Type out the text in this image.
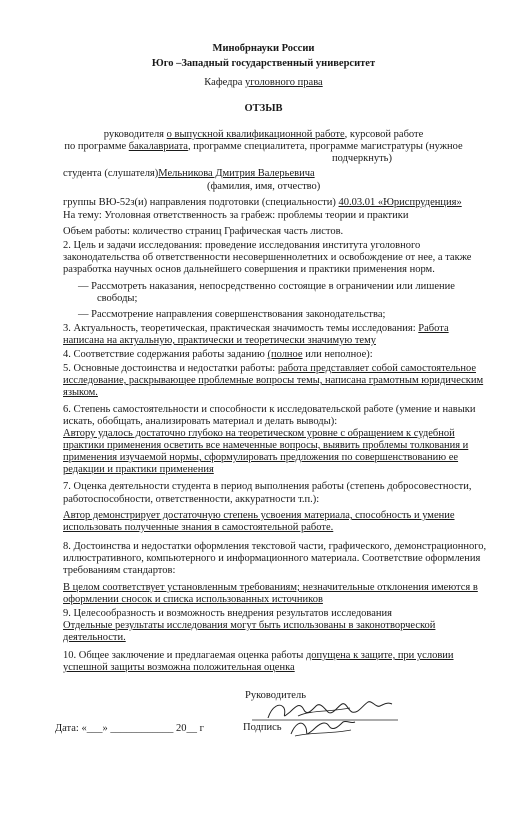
Минобрнауки России
Юго –Западный государственный университет
Кафедра уголовного права
ОТЗЫВ
руководителя о выпускной квалификационной работе, курсовой работе
по программе бакалавриата, программе специалитета, программе магистратуры (нужное
подчеркнуть)
студента (слушателя)Мельникова Дмитрия Валерьевича
(фамилия, имя, отчество)
группы ВЮ-52з(и) направления подготовки (специальности) 40.03.01 «Юриспруденция»
На тему: Уголовная ответственность за грабеж: проблемы теории и практики
Объем работы: количество страниц Графическая часть листов.
2. Цель и задачи исследования: проведение исследования института уголовного
законодательства об ответственности несовершеннолетних и освобождение от нее, а также
разработка научных основ дальнейшего совершения и практики применения норм.
— Рассмотреть наказания, непосредственно состоящие в ограничении или лишение
свободы;
— Рассмотрение направления совершенствования законодательства;
3. Актуальность, теоретическая, практическая значимость темы исследования: Работа
написана на актуальную, практически и теоретически значимую тему
4. Соответствие содержания работы заданию (полное или неполное):
5. Основные достоинства и недостатки работы: работа представляет собой самостоятельное
исследование, раскрывающее проблемные вопросы темы, написана грамотным юридическим
языком.
6. Степень самостоятельности и способности к исследовательской работе (умение и навыки
искать, обобщать, анализировать материал и делать выводы):
Автору удалось достаточно глубоко на теоретическом уровне с обращением к судебной
практики применения осветить все намеченные вопросы, выявить проблемы толкования и
применения изучаемой нормы, сформулировать предложения по совершенствованию ее
редакции и практики применения
7. Оценка деятельности студента в период выполнения работы (степень добросовестности,
работоспособности, ответственности, аккуратности т.п.):
Автор демонстрирует достаточную степень усвоения материала, способность и умение
использовать полученные знания в самостоятельной работе.
8. Достоинства и недостатки оформления текстовой части, графического, демонстрационного,
иллюстративного, компьютерного и информационного материала. Соответствие оформления
требованиям стандартов:
В целом соответствует установленным требованиям; незначительные отклонения имеются в
оформлении сносок и списка использованных источников
9. Целесообразность и возможность внедрения результатов исследования
Отдельные результаты исследования могут быть использованы в законотворческой
деятельности.
10. Общее заключение и предлагаемая оценка работы допущена к защите, при условии
успешной защиты возможна положительная оценка
Руководитель
Дата: «___» ____________ 20__ г	Подпись
